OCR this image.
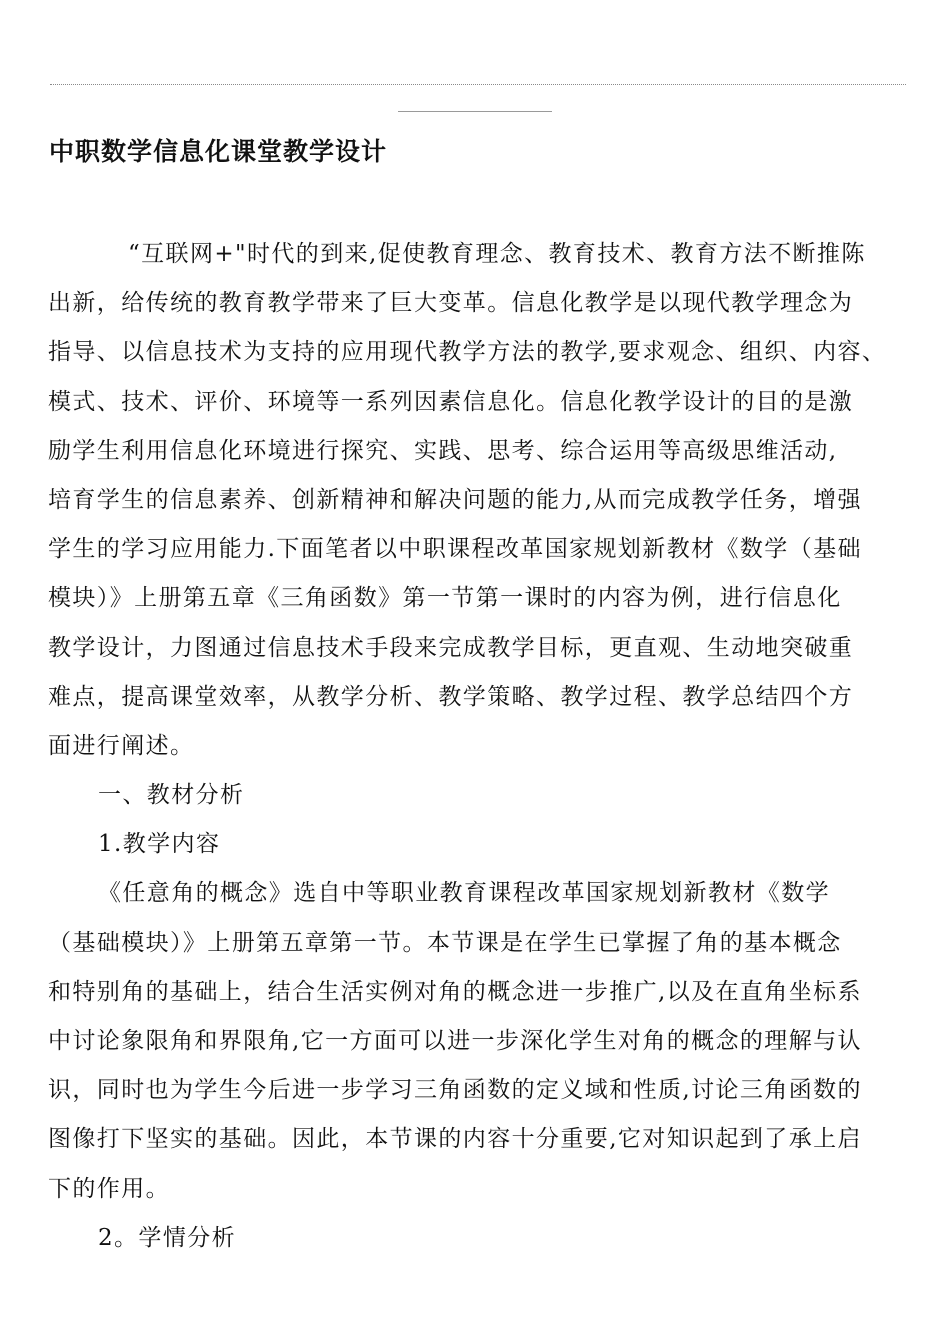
中职数学信息化课堂教学设计
“互联网+"时代的到来,促使教育理念、教育技术、教育方法不断推陈
出新，给传统的教育教学带来了巨大变革。信息化教学是以现代教学理念为
指导、以信息技术为支持的应用现代教学方法的教学,要求观念、组织、内容、
模式、技术、评价、环境等一系列因素信息化。信息化教学设计的目的是激
励学生利用信息化环境进行探究、实践、思考、综合运用等高级思维活动,
培育学生的信息素养、创新精神和解决问题的能力,从而完成教学任务，增强
学生的学习应用能力.下面笔者以中职课程改革国家规划新教材《数学（基础
模块）》上册第五章《三角函数》第一节第一课时的内容为例，进行信息化
教学设计，力图通过信息技术手段来完成教学目标，更直观、生动地突破重
难点，提高课堂效率，从教学分析、教学策略、教学过程、教学总结四个方
面进行阐述。
一、教材分析
1.教学内容
《任意角的概念》选自中等职业教育课程改革国家规划新教材《数学
（基础模块）》上册第五章第一节。本节课是在学生已掌握了角的基本概念
和特别角的基础上，结合生活实例对角的概念进一步推广,以及在直角坐标系
中讨论象限角和界限角,它一方面可以进一步深化学生对角的概念的理解与认
识，同时也为学生今后进一步学习三角函数的定义域和性质,讨论三角函数的
图像打下坚实的基础。因此，本节课的内容十分重要,它对知识起到了承上启
下的作用。
2。学情分析
